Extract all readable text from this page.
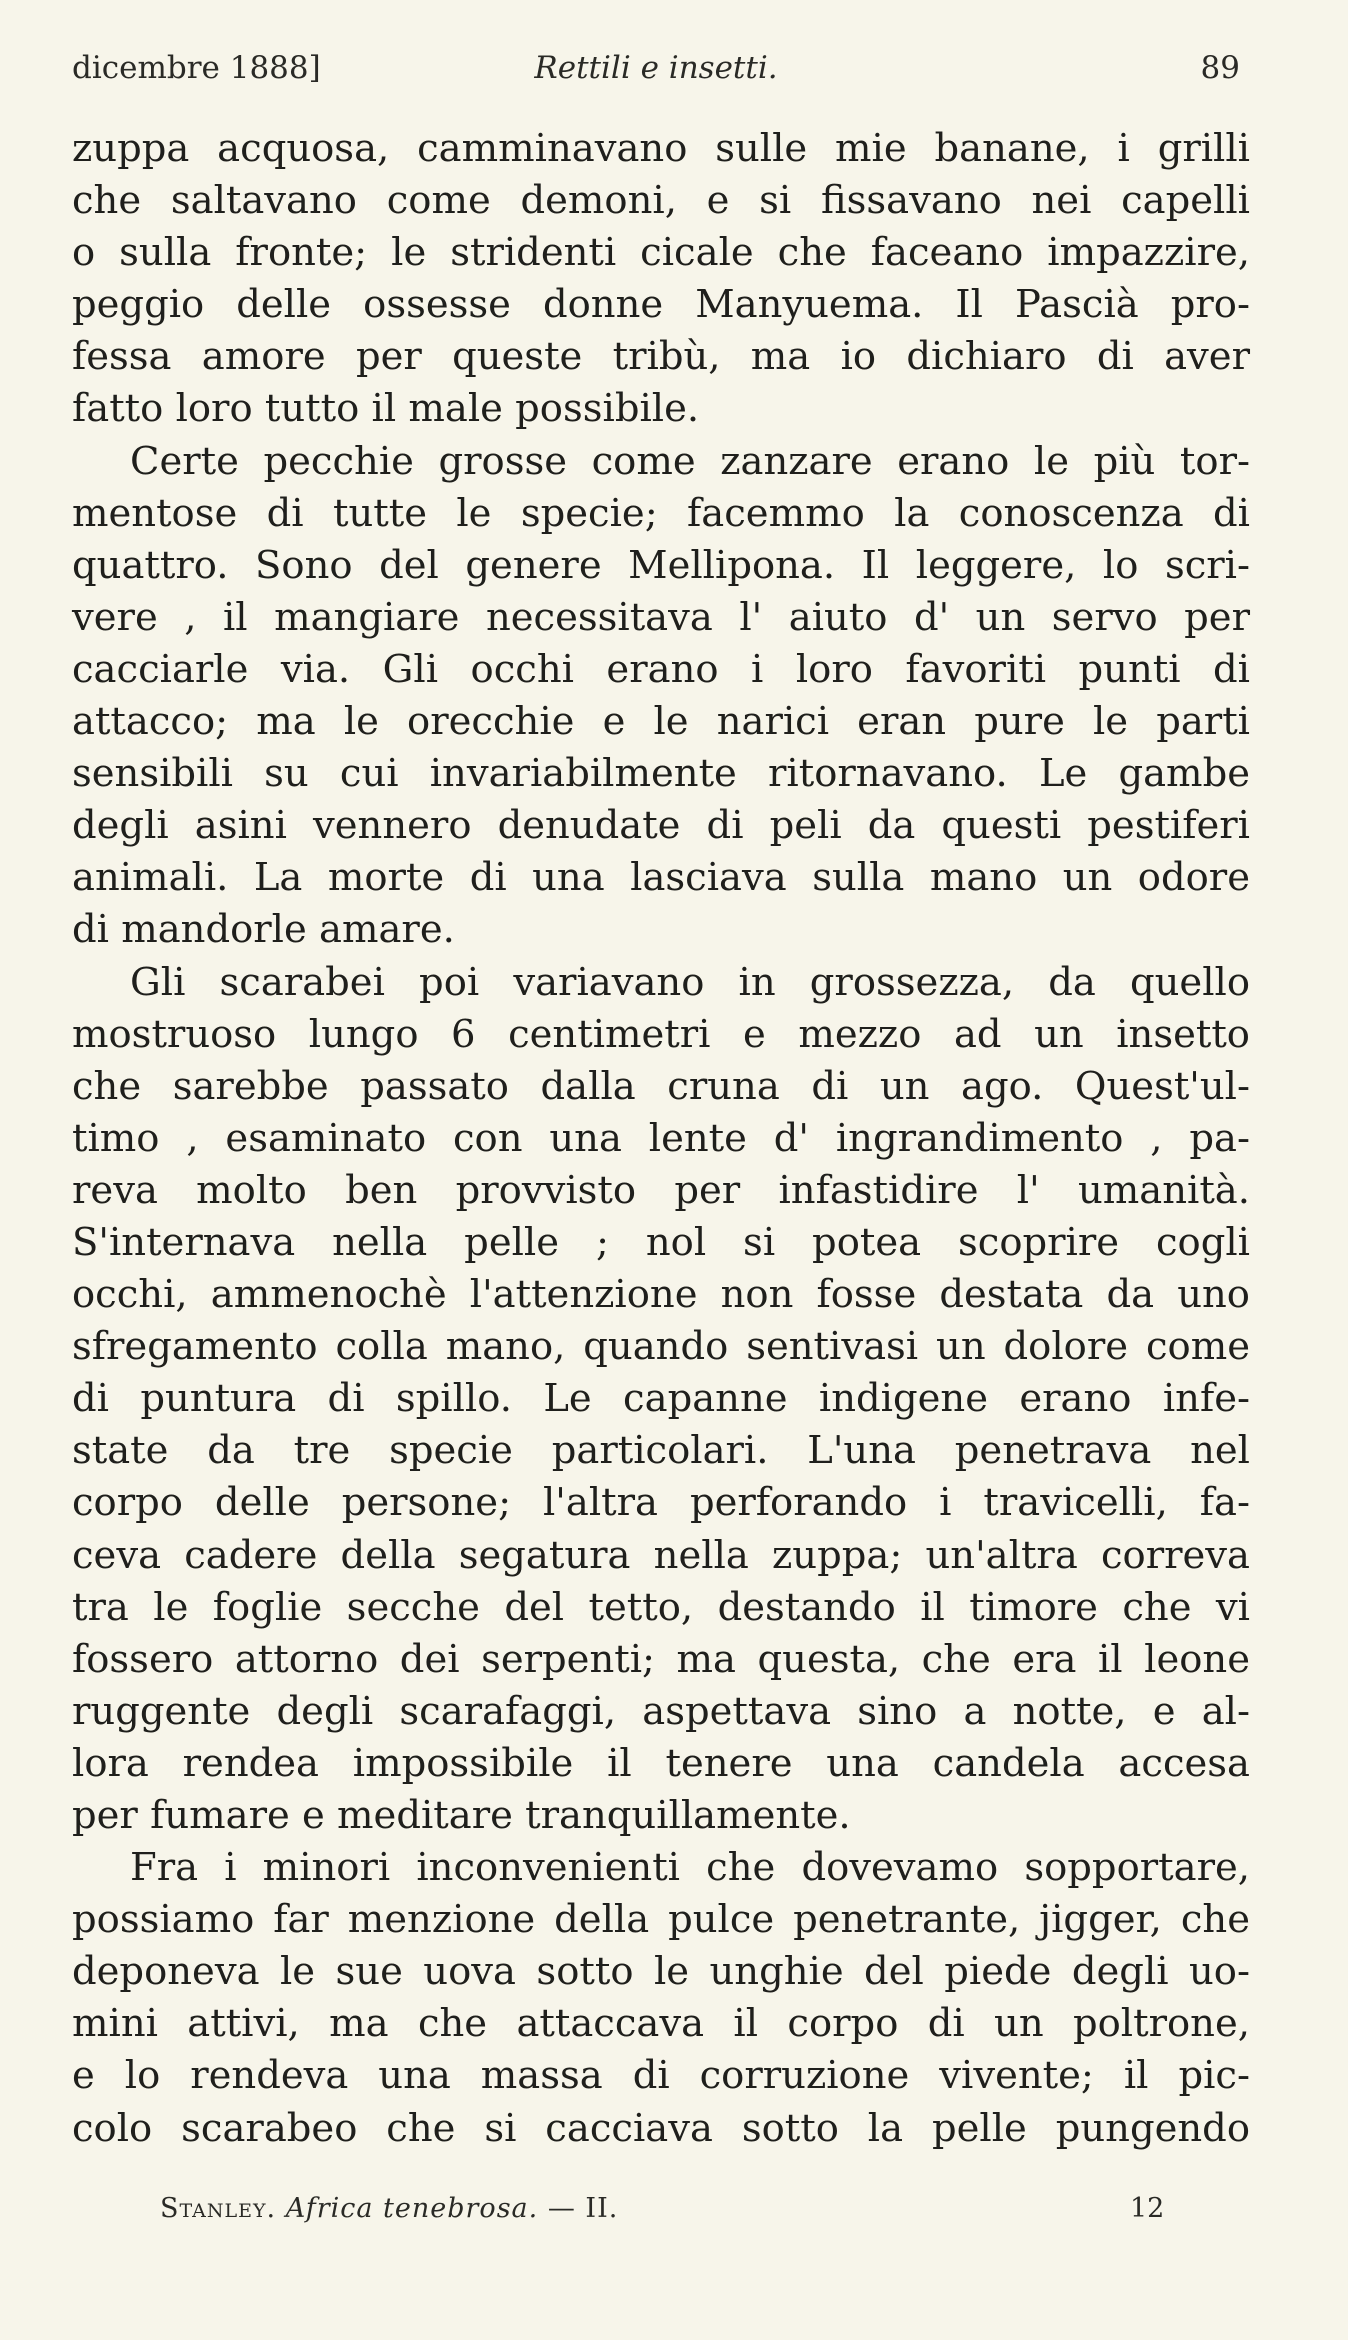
dicembre 1888]	Rettili e insetti.	89
zuppa acquosa, camminavano sulle mie banane, i grilli
che saltavano come demoni, e si fissavano nei capelli
o sulla fronte; le stridenti cicale che faceano impazzire,
peggio delle ossesse donne Manyuema. Il Pascià pro-
fessa amore per queste tribù, ma io dichiaro di aver
fatto loro tutto il male possibile.
Certe pecchie grosse come zanzare erano le più tor-
mentose di tutte le specie; facemmo la conoscenza di
quattro. Sono del genere Mellipona. Il leggere, lo scri-
vere , il mangiare necessitava l' aiuto d' un servo per
cacciarle via. Gli occhi erano i loro favoriti punti di
attacco; ma le orecchie e le narici eran pure le parti
sensibili su cui invariabilmente ritornavano. Le gambe
degli asini vennero denudate di peli da questi pestiferi
animali. La morte di una lasciava sulla mano un odore
di mandorle amare.
Gli scarabei poi variavano in grossezza, da quello
mostruoso lungo 6 centimetri e mezzo ad un insetto
che sarebbe passato dalla cruna di un ago. Quest'ul-
timo , esaminato con una lente d' ingrandimento , pa-
reva molto ben provvisto per infastidire l' umanità.
S'internava nella pelle ; nol si potea scoprire cogli
occhi, ammenochè l'attenzione non fosse destata da uno
sfregamento colla mano, quando sentivasi un dolore come
di puntura di spillo. Le capanne indigene erano infe-
state da tre specie particolari. L'una penetrava nel
corpo delle persone; l'altra perforando i travicelli, fa-
ceva cadere della segatura nella zuppa; un'altra correva
tra le foglie secche del tetto, destando il timore che vi
fossero attorno dei serpenti; ma questa, che era il leone
ruggente degli scarafaggi, aspettava sino a notte, e al-
lora rendea impossibile il tenere una candela accesa
per fumare e meditare tranquillamente.
Fra i minori inconvenienti che dovevamo sopportare,
possiamo far menzione della pulce penetrante, jigger, che
deponeva le sue uova sotto le unghie del piede degli uo-
mini attivi, ma che attaccava il corpo di un poltrone,
e lo rendeva una massa di corruzione vivente; il pic-
colo scarabeo che si cacciava sotto la pelle pungendo
Stanley. Africa tenebrosa. — II.	12
